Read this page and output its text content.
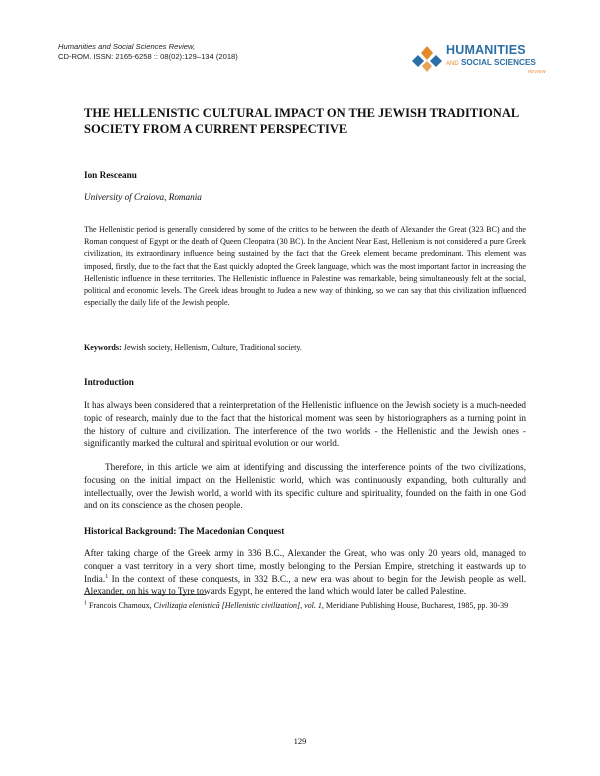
Humanities and Social Sciences Review,
CD-ROM. ISSN: 2165-6258 :: 08(02):129–134 (2018)	HUMANITIES
AND SOCIAL SCIENCES
REVIEW
THE HELLENISTIC CULTURAL IMPACT ON THE JEWISH TRADITIONAL SOCIETY FROM A CURRENT PERSPECTIVE

Ion Resceanu

University of Craiova, Romania

The Hellenistic period is generally considered by some of the critics to be between the death of Alexander the Great (323 BC) and the Roman conquest of Egypt or the death of Queen Cleopatra (30 BC). In the Ancient Near East, Hellenism is not considered a pure Greek civilization, its extraordinary influence being sustained by the fact that the Greek element became predominant. This element was imposed, firstly, due to the fact that the East quickly adopted the Greek language, which was the most important factor in increasing the Hellenistic influence in these territories. The Hellenistic influence in Palestine was remarkable, being simultaneously felt at the social, political and economic levels. The Greek ideas brought to Judea a new way of thinking, so we can say that this civilization influenced especially the daily life of the Jewish people.

Keywords: Jewish society, Hellenism, Culture, Traditional society.

Introduction

It has always been considered that a reinterpretation of the Hellenistic influence on the Jewish society is a much-needed topic of research, mainly due to the fact that the historical moment was seen by historiographers as a turning point in the history of culture and civilization. The interference of the two worlds - the Hellenistic and the Jewish ones - significantly marked the cultural and spiritual evolution or our world.

Therefore, in this article we aim at identifying and discussing the interference points of the two civilizations, focusing on the initial impact on the Hellenistic world, which was continuously expanding, both culturally and intellectually, over the Jewish world, a world with its specific culture and spirituality, founded on the faith in one God and on its conscience as the chosen people.

Historical Background: The Macedonian Conquest

After taking charge of the Greek army in 336 B.C., Alexander the Great, who was only 20 years old, managed to conquer a vast territory in a very short time, mostly belonging to the Persian Empire, stretching it eastwards up to India.$^1$ In the context of these conquests, in 332 B.C., a new era was about to begin for the Jewish people as well. Alexander, on his way to Tyre towards Egypt, he entered the land which would later be called Palestine.

$^1$ Francois Chamoux, Civilizaţia elenistică [Hellenistic civilization], vol. 1, Meridiane Publishing House, Bucharest, 1985, pp. 30-39

129
